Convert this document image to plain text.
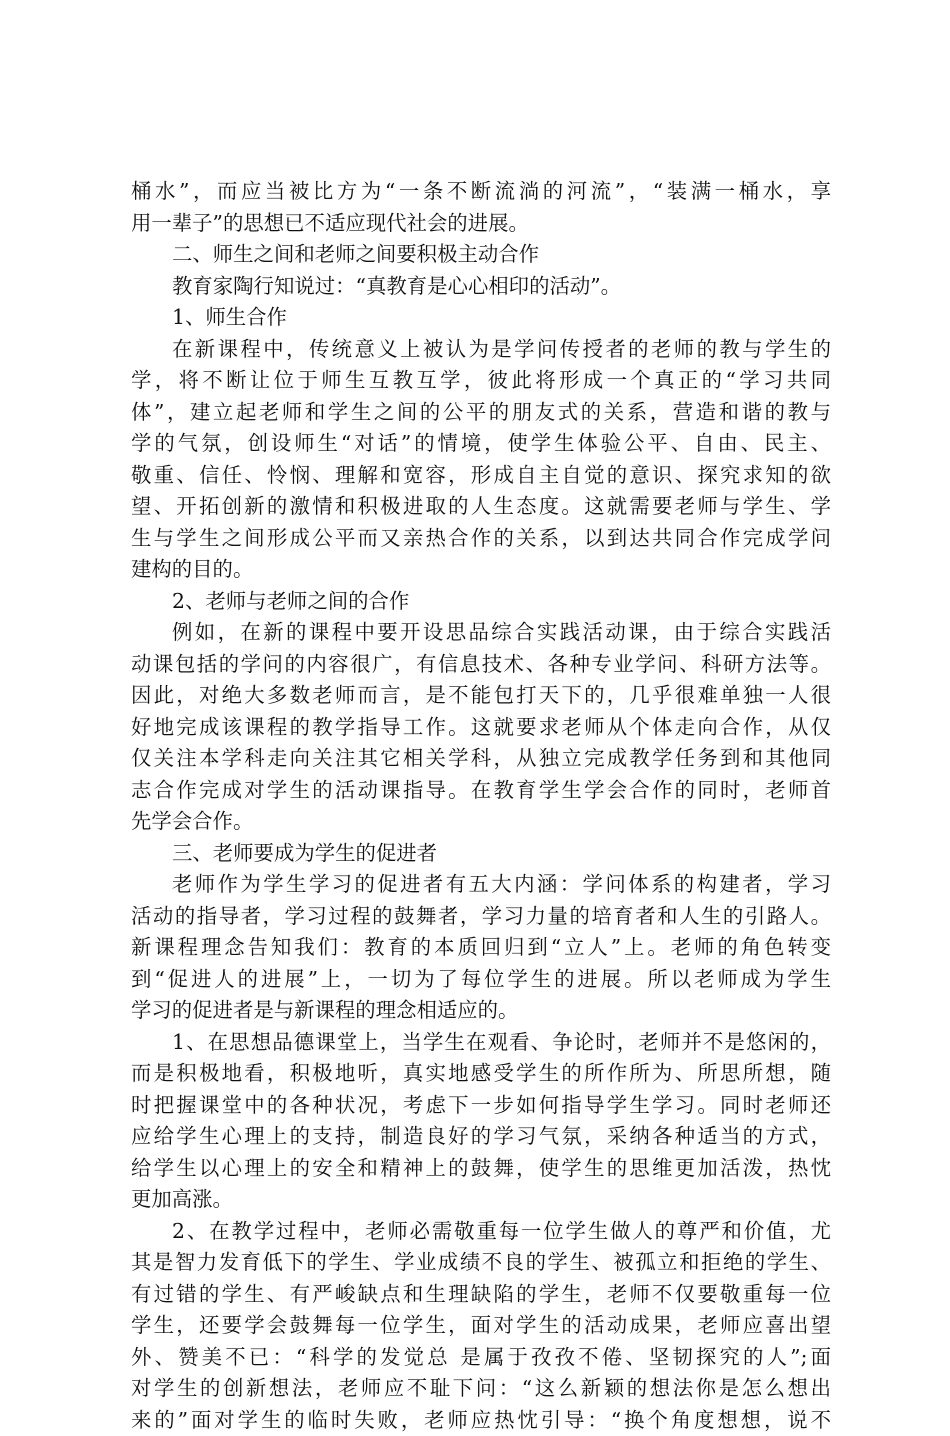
桶水”，而应当被比方为“一条不断流淌的河流”，“装满一桶水，享
用一辈子”的思想已不适应现代社会的进展。
二、师生之间和老师之间要积极主动合作
教育家陶行知说过：“真教育是心心相印的活动”。
1、师生合作
在新课程中，传统意义上被认为是学问传授者的老师的教与学生的
学，将不断让位于师生互教互学，彼此将形成一个真正的“学习共同
体”，建立起老师和学生之间的公平的朋友式的关系，营造和谐的教与
学的气氛，创设师生“对话”的情境，使学生体验公平、自由、民主、
敬重、信任、怜悯、理解和宽容，形成自主自觉的意识、探究求知的欲
望、开拓创新的激情和积极进取的人生态度。这就需要老师与学生、学
生与学生之间形成公平而又亲热合作的关系，以到达共同合作完成学问
建构的目的。
2、老师与老师之间的合作
例如，在新的课程中要开设思品综合实践活动课，由于综合实践活
动课包括的学问的内容很广，有信息技术、各种专业学问、科研方法等。
因此，对绝大多数老师而言，是不能包打天下的，几乎很难单独一人很
好地完成该课程的教学指导工作。这就要求老师从个体走向合作，从仅
仅关注本学科走向关注其它相关学科，从独立完成教学任务到和其他同
志合作完成对学生的活动课指导。在教育学生学会合作的同时，老师首
先学会合作。
三、老师要成为学生的促进者
老师作为学生学习的促进者有五大内涵：学问体系的构建者，学习
活动的指导者，学习过程的鼓舞者，学习力量的培育者和人生的引路人。
新课程理念告知我们：教育的本质回归到“立人”上。老师的角色转变
到“促进人的进展”上，一切为了每位学生的进展。所以老师成为学生
学习的促进者是与新课程的理念相适应的。
1、在思想品德课堂上，当学生在观看、争论时，老师并不是悠闲的，
而是积极地看，积极地听，真实地感受学生的所作所为、所思所想，随
时把握课堂中的各种状况，考虑下一步如何指导学生学习。同时老师还
应给学生心理上的支持，制造良好的学习气氛，采纳各种适当的方式，
给学生以心理上的安全和精神上的鼓舞，使学生的思维更加活泼，热忱
更加高涨。
2、在教学过程中，老师必需敬重每一位学生做人的尊严和价值，尤
其是智力发育低下的学生、学业成绩不良的学生、被孤立和拒绝的学生、
有过错的学生、有严峻缺点和生理缺陷的学生，老师不仅要敬重每一位
学生，还要学会鼓舞每一位学生，面对学生的活动成果，老师应喜出望
外、赞美不已：“科学的发觉总 是属于孜孜不倦、坚韧探究的人”;面
对学生的创新想法，老师应不耻下问：“这么新颖的想法你是怎么想出
来的”面对学生的临时失败，老师应热忱引导：“换个角度想想，说不
